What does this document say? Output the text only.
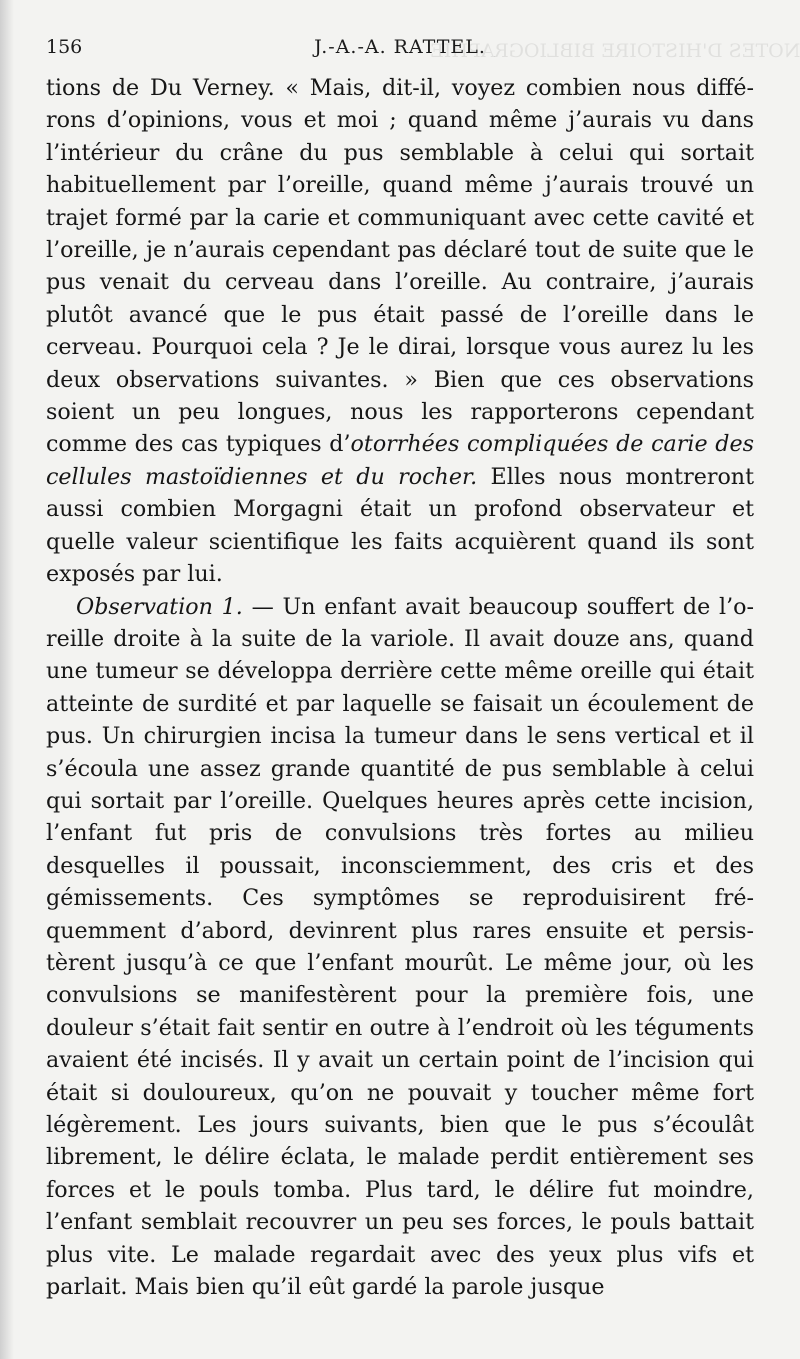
NOTES D'HISTOIRE BIBLIOGRAPHIE
156	J.-A.-A. RATTEL.

tions de Du Verney. « Mais, dit-il, voyez combien nous différons d’opinions, vous et moi ; quand même j’aurais vu dans l’intérieur du crâne du pus semblable à celui qui sortait habituellement par l’oreille, quand même j’aurais trouvé un trajet formé par la carie et communiquant avec cette cavité et l’oreille, je n’aurais cependant pas déclaré tout de suite que le pus venait du cerveau dans l’oreille. Au contraire, j’aurais plutôt avancé que le pus était passé de l’oreille dans le cerveau. Pourquoi cela ? Je le dirai, lorsque vous aurez lu les deux observations suivantes. » Bien que ces observations soient un peu longues, nous les rapporterons cependant comme des cas typiques d’otorrhées compliquées de carie des cellules mastoïdiennes et du rocher. Elles nous montreront aussi combien Morgagni était un profond observateur et quelle valeur scientifique les faits acquièrent quand ils sont exposés par lui.

Observation 1. — Un enfant avait beaucoup souffert de l’oreille droite à la suite de la variole. Il avait douze ans, quand une tumeur se développa derrière cette même oreille qui était atteinte de surdité et par laquelle se faisait un écoulement de pus. Un chirurgien incisa la tumeur dans le sens vertical et il s’écoula une assez grande quantité de pus semblable à celui qui sortait par l’oreille. Quelques heures après cette incision, l’enfant fut pris de convulsions très fortes au milieu desquelles il poussait, inconsciemment, des cris et des gémissements. Ces symptômes se reproduisirent fréquemment d’abord, devinrent plus rares ensuite et persistèrent jusqu’à ce que l’enfant mourût. Le même jour, où les convulsions se manifestèrent pour la première fois, une douleur s’était fait sentir en outre à l’endroit où les téguments avaient été incisés. Il y avait un certain point de l’incision qui était si douloureux, qu’on ne pouvait y toucher même fort légèrement. Les jours suivants, bien que le pus s’écoulât librement, le délire éclata, le malade perdit entièrement ses forces et le pouls tomba. Plus tard, le délire fut moindre, l’enfant semblait recouvrer un peu ses forces, le pouls battait plus vite. Le malade regardait avec des yeux plus vifs et parlait. Mais bien qu’il eût gardé la parole jusque
